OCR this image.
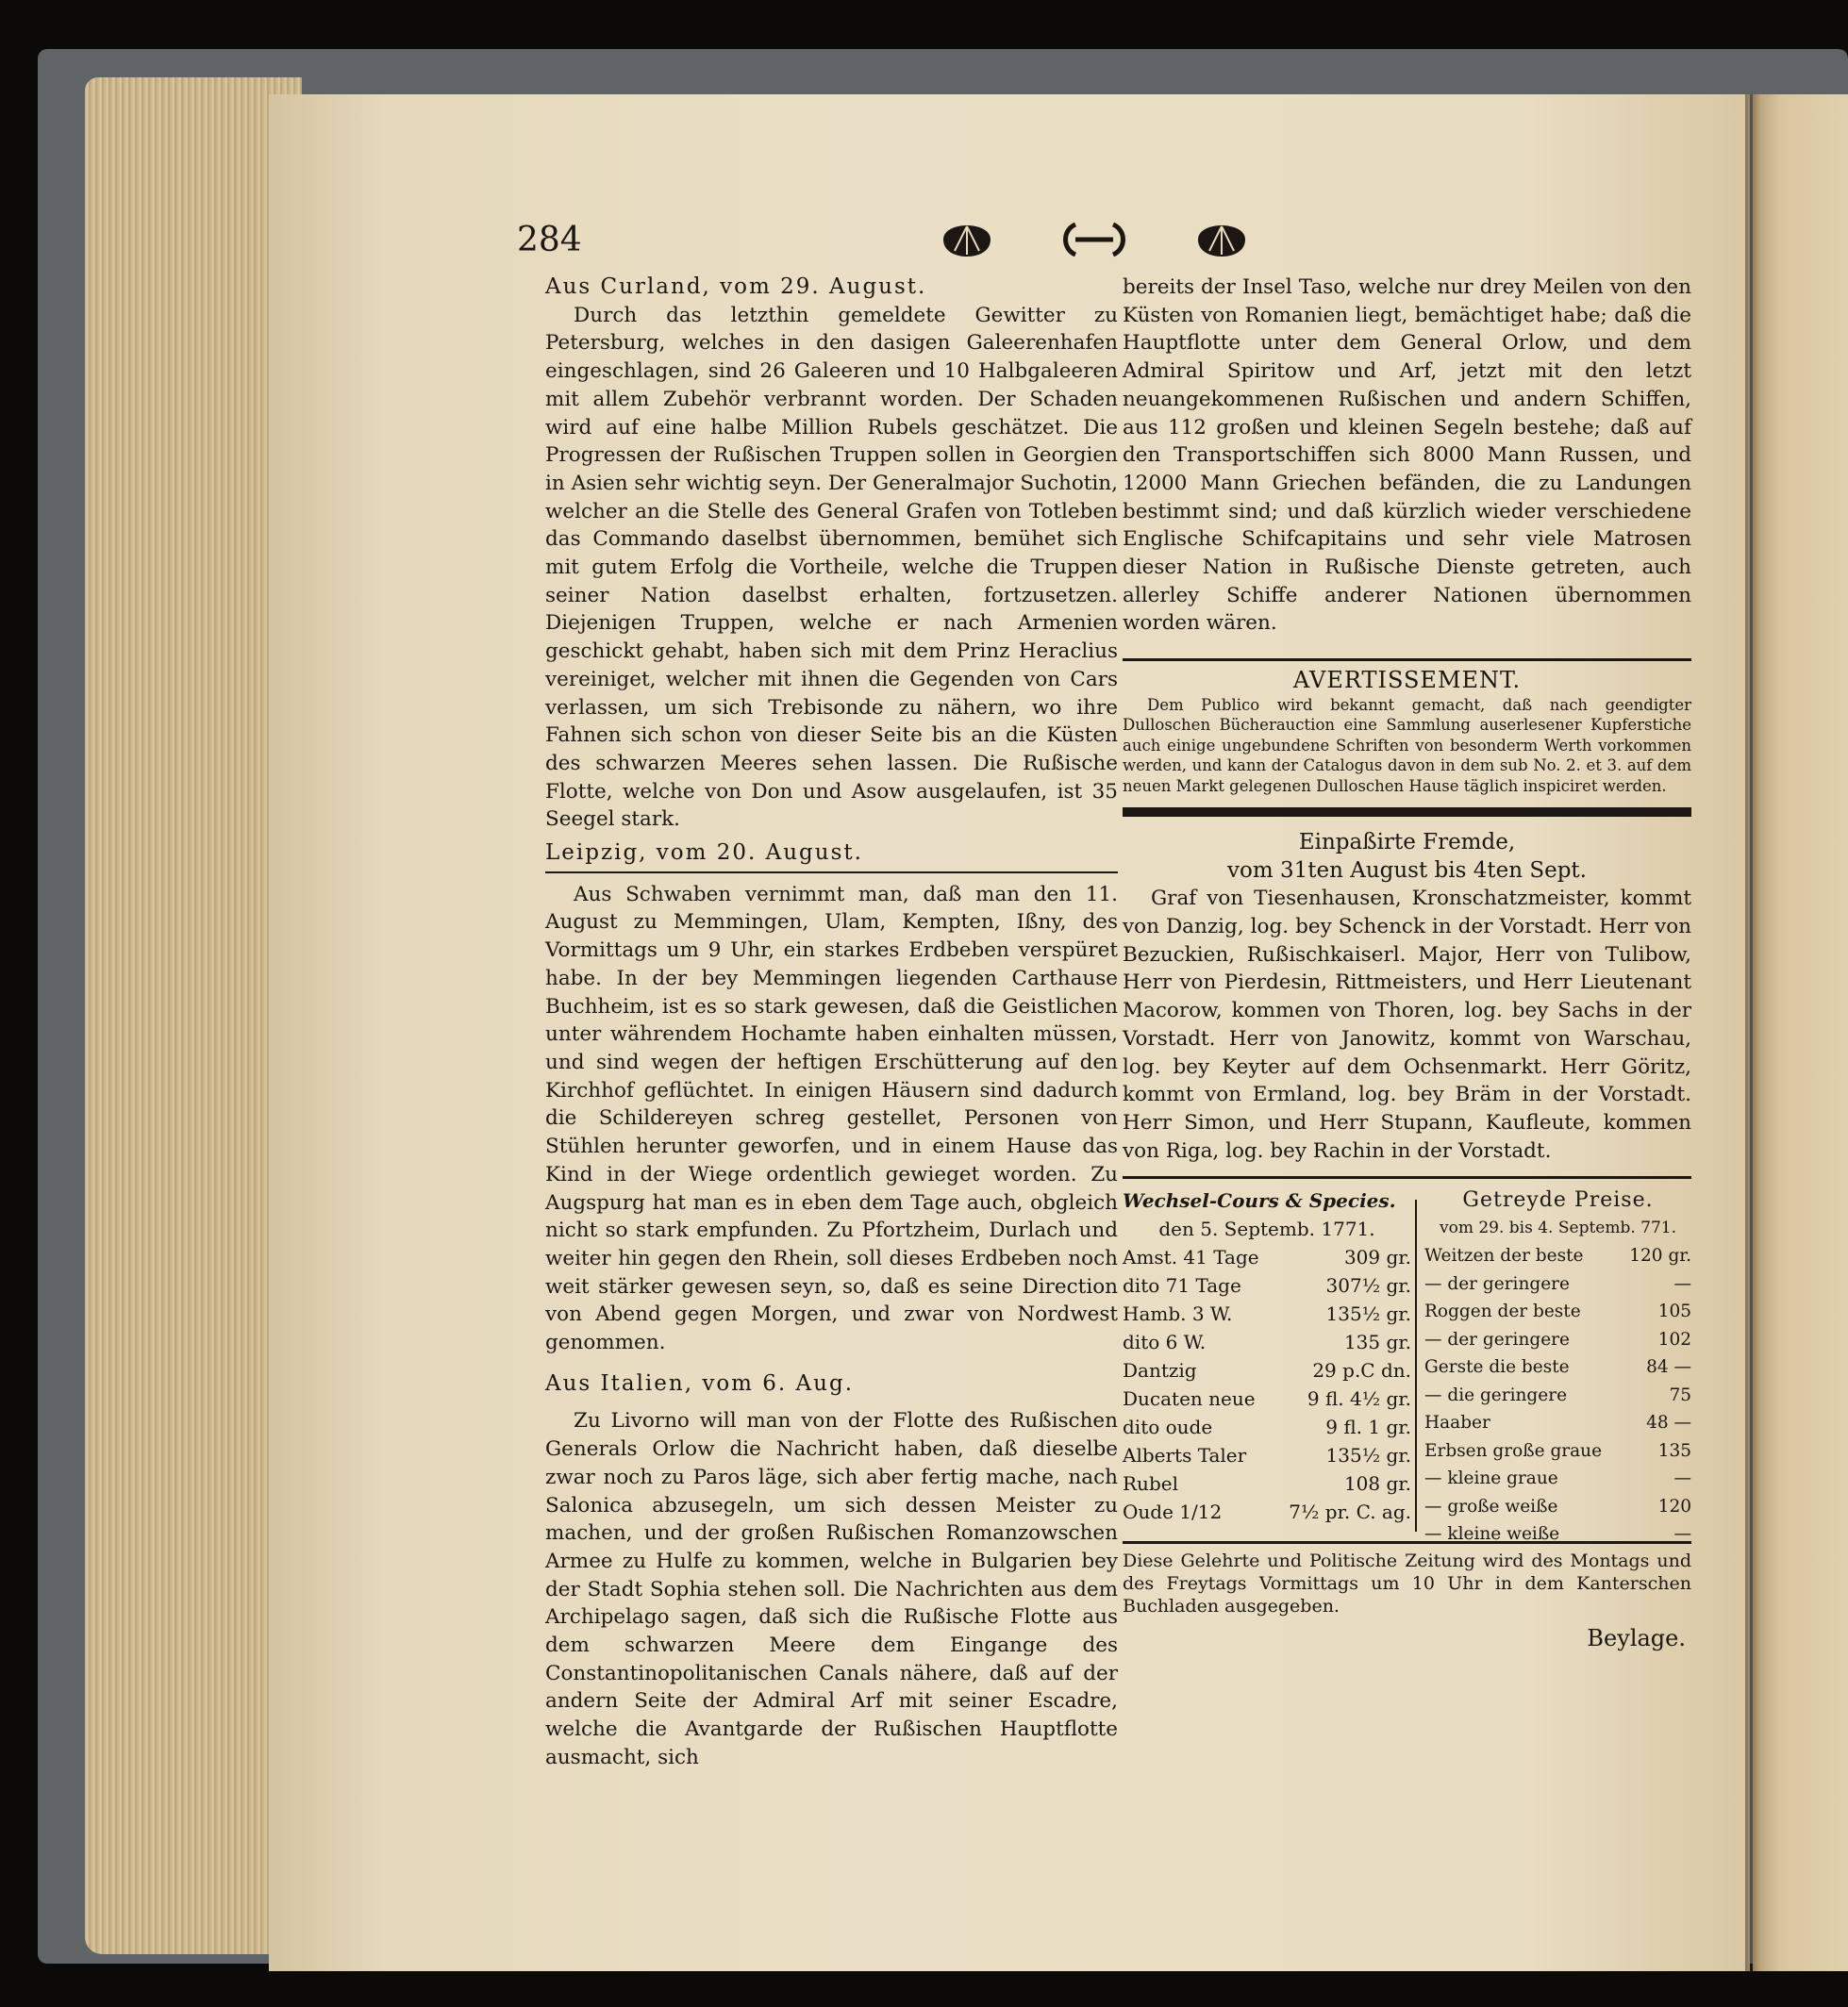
284

Aus Curland, vom 29. August.

Durch das letzthin gemeldete Gewitter zu Petersburg, welches in den dasigen Galeerenhafen eingeschlagen, sind 26 Galeeren und 10 Halbgaleeren mit allem Zubehör verbrannt worden. Der Schaden wird auf eine halbe Million Rubels geschätzet. Die Progressen der Rußischen Truppen sollen in Georgien in Asien sehr wichtig seyn. Der Generalmajor Suchotin, welcher an die Stelle des General Grafen von Totleben das Commando daselbst übernommen, bemühet sich mit gutem Erfolg die Vortheile, welche die Truppen seiner Nation daselbst erhalten, fortzusetzen. Diejenigen Truppen, welche er nach Armenien geschickt gehabt, haben sich mit dem Prinz Heraclius vereiniget, welcher mit ihnen die Gegenden von Cars verlassen, um sich Trebisonde zu nähern, wo ihre Fahnen sich schon von dieser Seite bis an die Küsten des schwarzen Meeres sehen lassen. Die Rußische Flotte, welche von Don und Asow ausgelaufen, ist 35 Seegel stark.

Leipzig, vom 20. August.

Aus Schwaben vernimmt man, daß man den 11. August zu Memmingen, Ulam, Kempten, Ißny, des Vormittags um 9 Uhr, ein starkes Erdbeben verspüret habe. In der bey Memmingen liegenden Carthause Buchheim, ist es so stark gewesen, daß die Geistlichen unter währendem Hochamte haben einhalten müssen, und sind wegen der heftigen Erschütterung auf den Kirchhof geflüchtet. In einigen Häusern sind dadurch die Schildereyen schreg gestellet, Personen von Stühlen herunter geworfen, und in einem Hause das Kind in der Wiege ordentlich gewieget worden. Zu Augspurg hat man es in eben dem Tage auch, obgleich nicht so stark empfunden. Zu Pfortzheim, Durlach und weiter hin gegen den Rhein, soll dieses Erdbeben noch weit stärker gewesen seyn, so, daß es seine Direction von Abend gegen Morgen, und zwar von Nordwest genommen.

Aus Italien, vom 6. Aug.

Zu Livorno will man von der Flotte des Rußischen Generals Orlow die Nachricht haben, daß dieselbe zwar noch zu Paros läge, sich aber fertig mache, nach Salonica abzusegeln, um sich dessen Meister zu machen, und der großen Rußischen Romanzowschen Armee zu Hulfe zu kommen, welche in Bulgarien bey der Stadt Sophia stehen soll. Die Nachrichten aus dem Archipelago sagen, daß sich die Rußische Flotte aus dem schwarzen Meere dem Eingange des Constantinopolitanischen Canals nähere, daß auf der andern Seite der Admiral Arf mit seiner Escadre, welche die Avantgarde der Rußischen Hauptflotte ausmacht, sich

bereits der Insel Taso, welche nur drey Meilen von den Küsten von Romanien liegt, bemächtiget habe; daß die Hauptflotte unter dem General Orlow, und dem Admiral Spiritow und Arf, jetzt mit den letzt neuangekommenen Rußischen und andern Schiffen, aus 112 großen und kleinen Segeln bestehe; daß auf den Transportschiffen sich 8000 Mann Russen, und 12000 Mann Griechen befänden, die zu Landungen bestimmt sind; und daß kürzlich wieder verschiedene Englische Schifcapitains und sehr viele Matrosen dieser Nation in Rußische Dienste getreten, auch allerley Schiffe anderer Nationen übernommen worden wären.

AVERTISSEMENT.

Dem Publico wird bekannt gemacht, daß nach geendigter Dulloschen Bücherauction eine Sammlung auserlesener Kupferstiche auch einige ungebundene Schriften von besonderm Werth vorkommen werden, und kann der Catalogus davon in dem sub No. 2. et 3. auf dem neuen Markt gelegenen Dulloschen Hause täglich inspiciret werden.

Einpaßirte Fremde,
vom 31ten August bis 4ten Sept.

Graf von Tiesenhausen, Kronschatzmeister, kommt von Danzig, log. bey Schenck in der Vorstadt. Herr von Bezuckien, Rußischkaiserl. Major, Herr von Tulibow, Herr von Pierdesin, Rittmeisters, und Herr Lieutenant Macorow, kommen von Thoren, log. bey Sachs in der Vorstadt. Herr von Janowitz, kommt von Warschau, log. bey Keyter auf dem Ochsenmarkt. Herr Göritz, kommt von Ermland, log. bey Bräm in der Vorstadt. Herr Simon, und Herr Stupann, Kaufleute, kommen von Riga, log. bey Rachin in der Vorstadt.

Wechsel-Cours & Species.
den 5. Septemb. 1771.
Amst. 41 Tage	309 gr.
dito 71 Tage	307½ gr.
Hamb. 3 W.	135½ gr.
dito 6 W.	135 gr.
Dantzig	29 p.C dn.
Ducaten neue	9 fl. 4½ gr.
dito oude	9 fl. 1 gr.
Alberts Taler	135½ gr.
Rubel	108 gr.
Oude 1/12	7½ pr. C. ag.
Getreyde Preise.
vom 29. bis 4. Septemb. 771.
Weitzen der beste	120 gr.
— der geringere	—
Roggen der beste	105
— der geringere	102
Gerste die beste	84 —
— die geringere	75
Haaber	48 —
Erbsen große graue	135
— kleine graue	—
— große weiße	120
— kleine weiße	—

Diese Gelehrte und Politische Zeitung wird des Montags und des Freytags Vormittags um 10 Uhr in dem Kanterschen Buchladen ausgegeben.

Beylage.
